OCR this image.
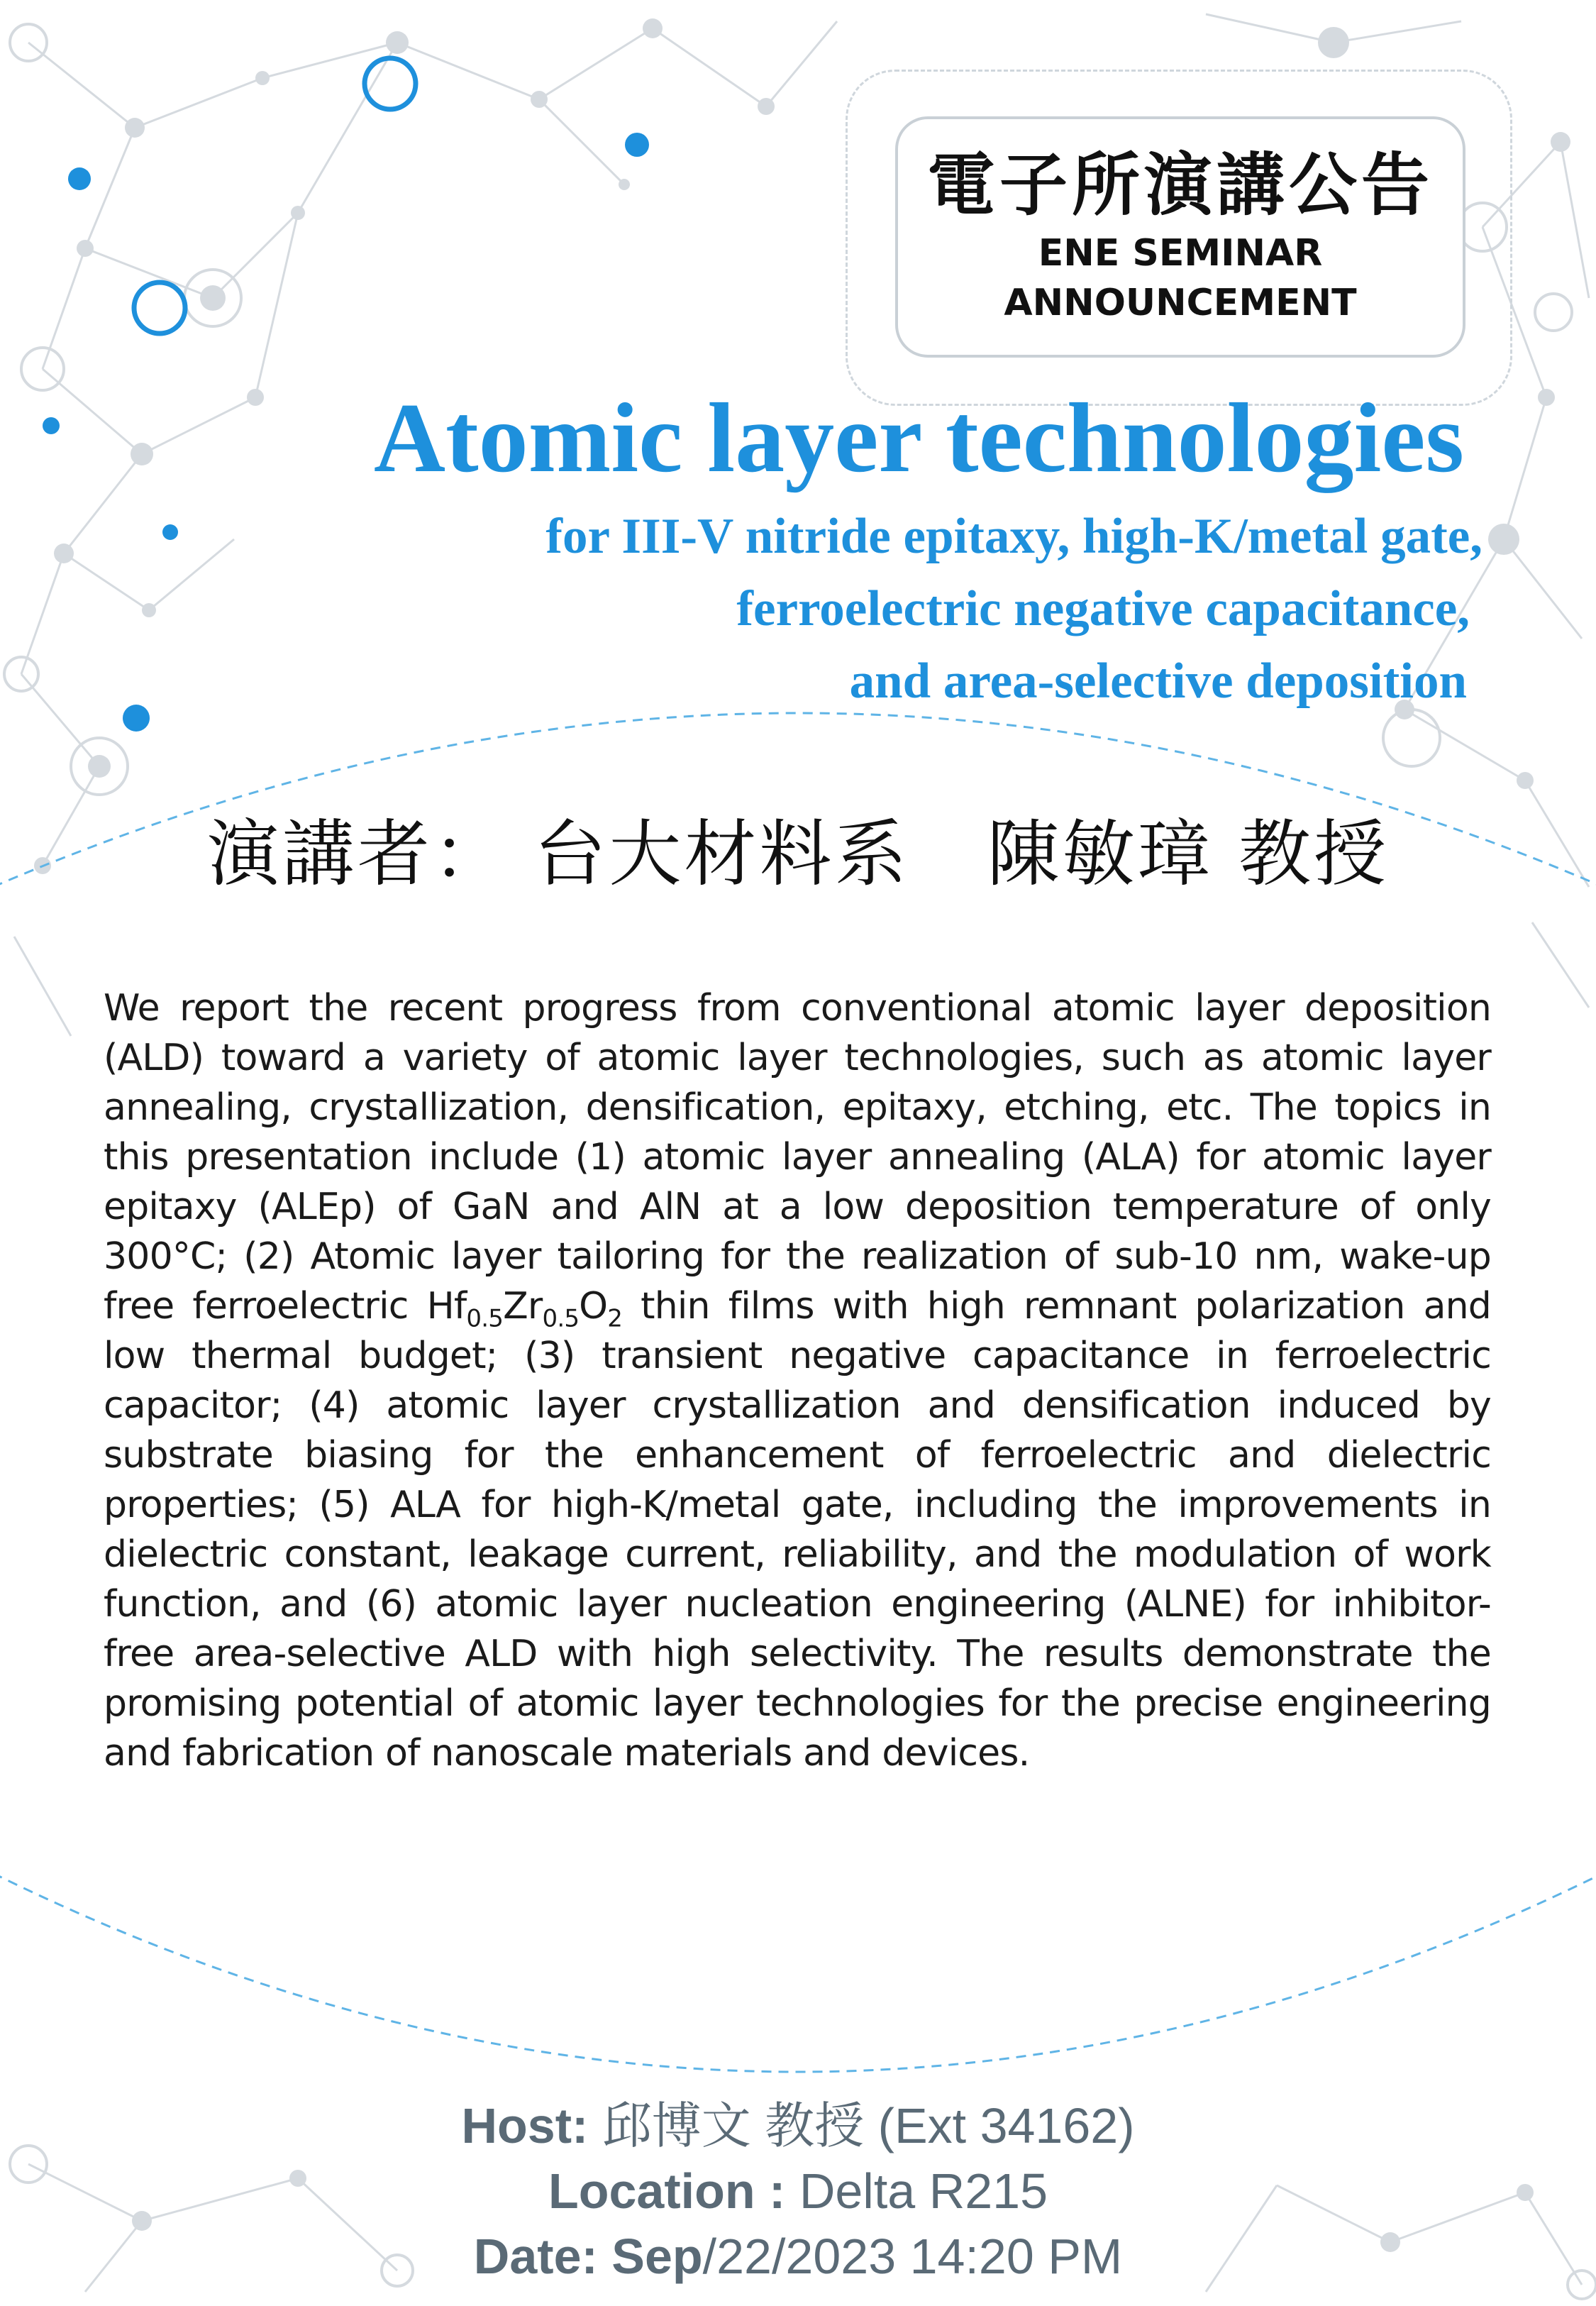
電子所演講公告
ENE SEMINAR
ANNOUNCEMENT
Atomic layer technologies
for III-V nitride epitaxy, high-K/metal gate,
ferroelectric negative capacitance,
and area-selective deposition
演講者： 台大材料系 陳敏璋 教授

We report the recent progress from conventional atomic layer deposition (ALD) toward a variety of atomic layer technologies, such as atomic layer annealing, crystallization, densification, epitaxy, etching, etc. The topics in this presentation include (1) atomic layer annealing (ALA) for atomic layer epitaxy (ALEp) of GaN and AlN at a low deposition temperature of only 300°C; (2) Atomic layer tailoring for the realization of sub-10 nm, wake-up free ferroelectric $Hf_{0.5}Zr_{0.5}O_2$ thin films with high remnant polarization and low thermal budget; (3) transient negative capacitance in ferroelectric capacitor; (4) atomic layer crystallization and densification induced by substrate biasing for the enhancement of ferroelectric and dielectric properties; (5) ALA for high-K/metal gate, including the improvements in dielectric constant, leakage current, reliability, and the modulation of work function, and (6) atomic layer nucleation engineering (ALNE) for inhibitor-free area-selective ALD with high selectivity. The results demonstrate the promising potential of atomic layer technologies for the precise engineering and fabrication of nanoscale materials and devices.

Host: 邱博文 教授 (Ext 34162)
Location : Delta R215
Date: Sep/22/2023 14:20 PM
